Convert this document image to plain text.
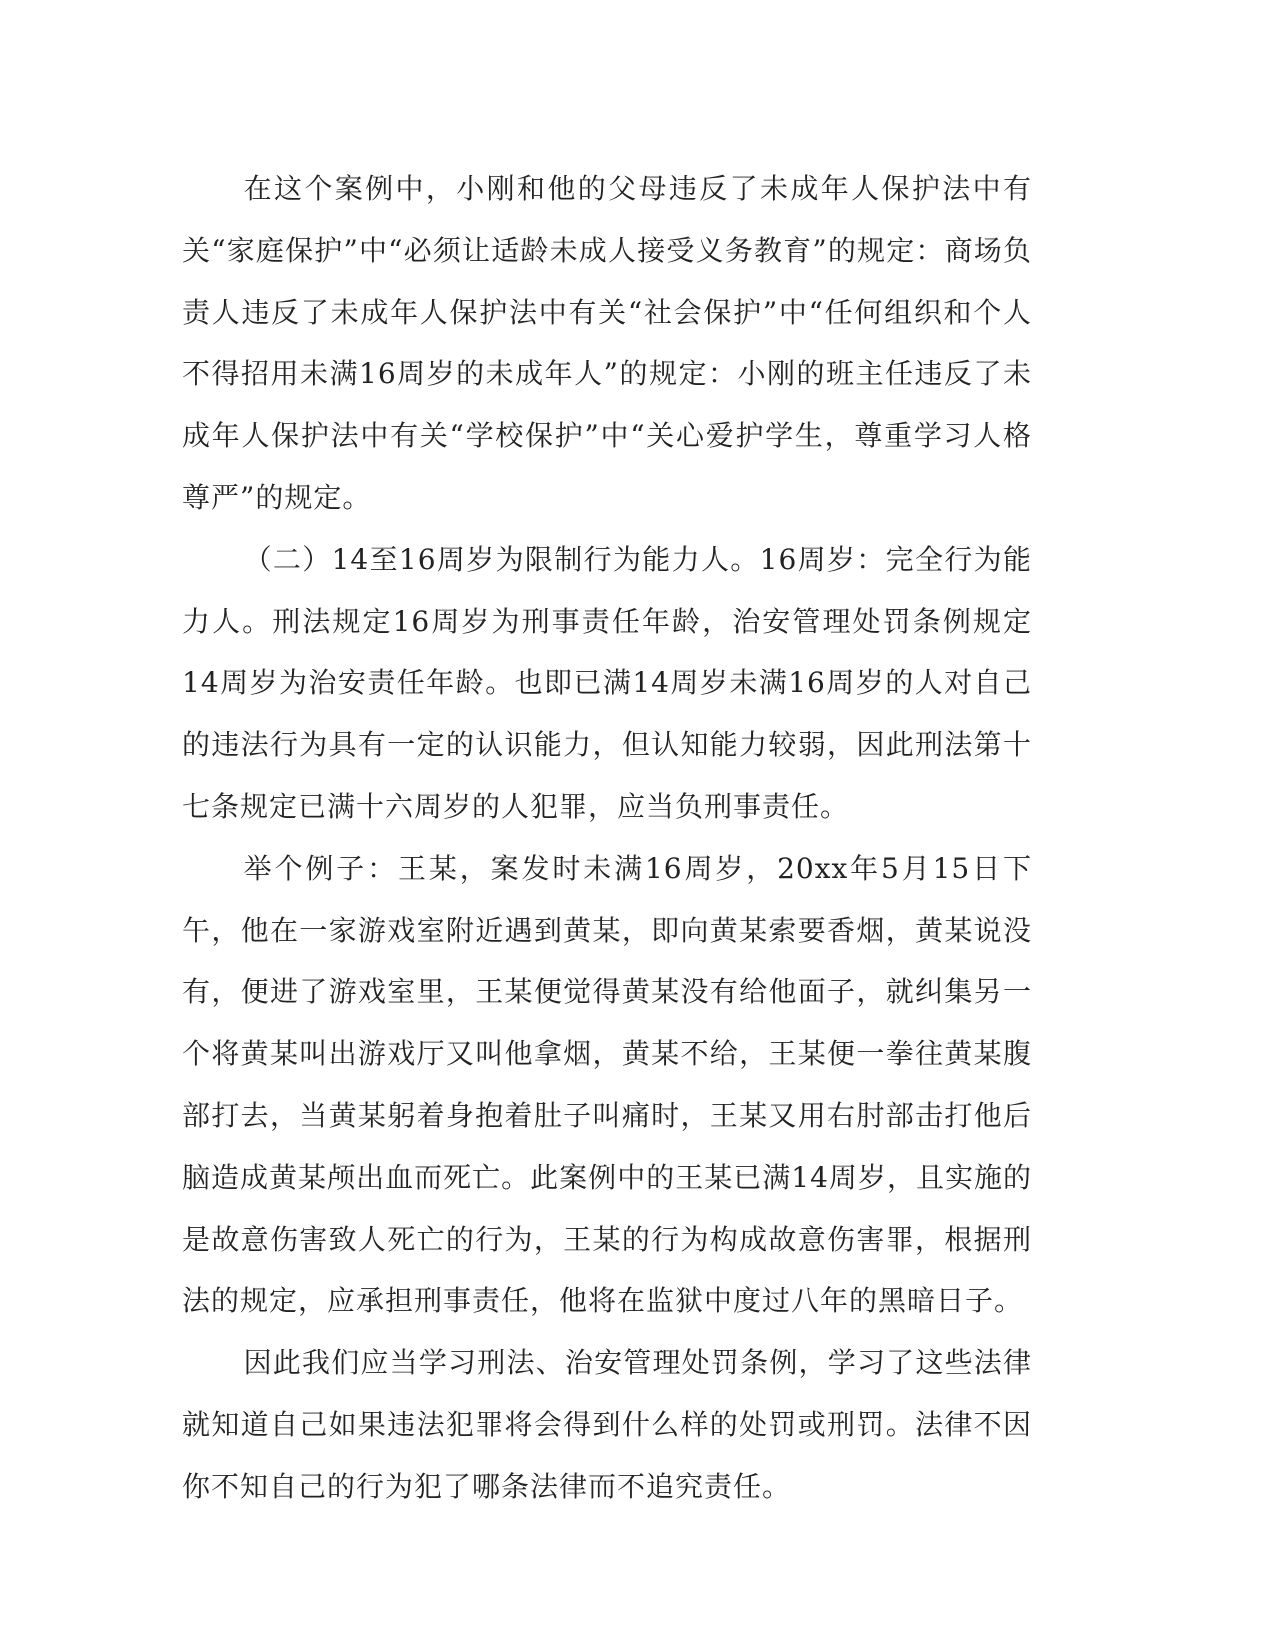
在这个案例中，小刚和他的父母违反了未成年人保护法中有关“家庭保护”中“必须让适龄未成人接受义务教育”的规定：商场负责人违反了未成年人保护法中有关“社会保护”中“任何组织和个人不得招用未满16周岁的未成年人”的规定：小刚的班主任违反了未成年人保护法中有关“学校保护”中“关心爱护学生，尊重学习人格尊严”的规定。

（二）14至16周岁为限制行为能力人。16周岁：完全行为能力人。刑法规定16周岁为刑事责任年龄，治安管理处罚条例规定14周岁为治安责任年龄。也即已满14周岁未满16周岁的人对自己的违法行为具有一定的认识能力，但认知能力较弱，因此刑法第十七条规定已满十六周岁的人犯罪，应当负刑事责任。

举个例子：王某，案发时未满16周岁，20xx年5月15日下午，他在一家游戏室附近遇到黄某，即向黄某索要香烟，黄某说没有，便进了游戏室里，王某便觉得黄某没有给他面子，就纠集另一个将黄某叫出游戏厅又叫他拿烟，黄某不给，王某便一拳往黄某腹部打去，当黄某躬着身抱着肚子叫痛时，王某又用右肘部击打他后脑造成黄某颅出血而死亡。此案例中的王某已满14周岁，且实施的是故意伤害致人死亡的行为，王某的行为构成故意伤害罪，根据刑法的规定，应承担刑事责任，他将在监狱中度过八年的黑暗日子。

因此我们应当学习刑法、治安管理处罚条例，学习了这些法律就知道自己如果违法犯罪将会得到什么样的处罚或刑罚。法律不因你不知自己的行为犯了哪条法律而不追究责任。
